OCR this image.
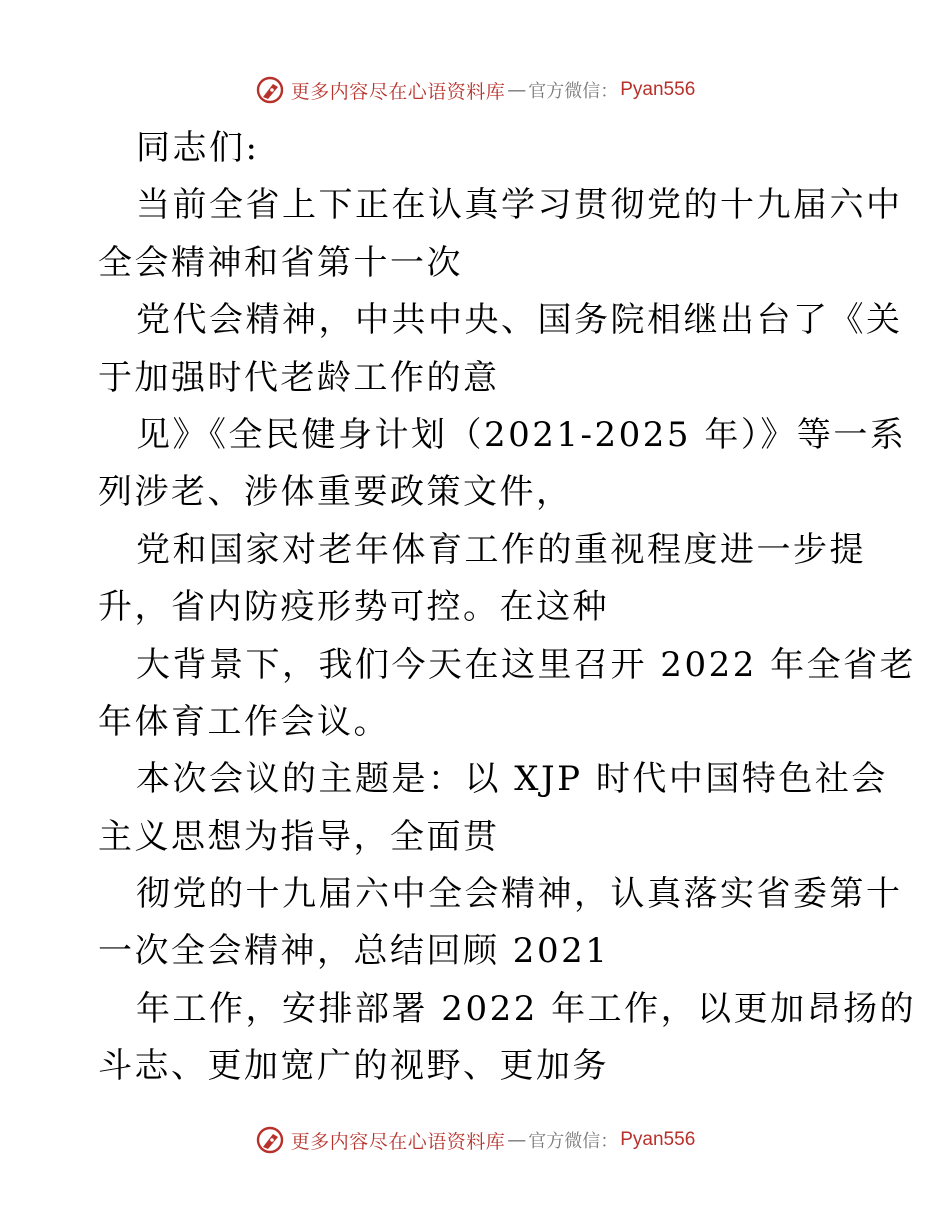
更多内容尽在心语资料库 — 官方微信： Pyan556
同志们:
当前全省上下正在认真学习贯彻党的十九届六中
全会精神和省第十一次
党代会精神，中共中央、国务院相继出台了《关
于加强时代老龄工作的意
见》《全民健身计划（2021-2025 年）》等一系
列涉老、涉体重要政策文件，
党和国家对老年体育工作的重视程度进一步提
升，省内防疫形势可控。在这种
大背景下，我们今天在这里召开 2022 年全省老
年体育工作会议。
本次会议的主题是：以 XJP 时代中国特色社会
主义思想为指导，全面贯
彻党的十九届六中全会精神，认真落实省委第十
一次全会精神，总结回顾 2021
年工作，安排部署 2022 年工作，以更加昂扬的
斗志、更加宽广的视野、更加务
更多内容尽在心语资料库 — 官方微信： Pyan556
